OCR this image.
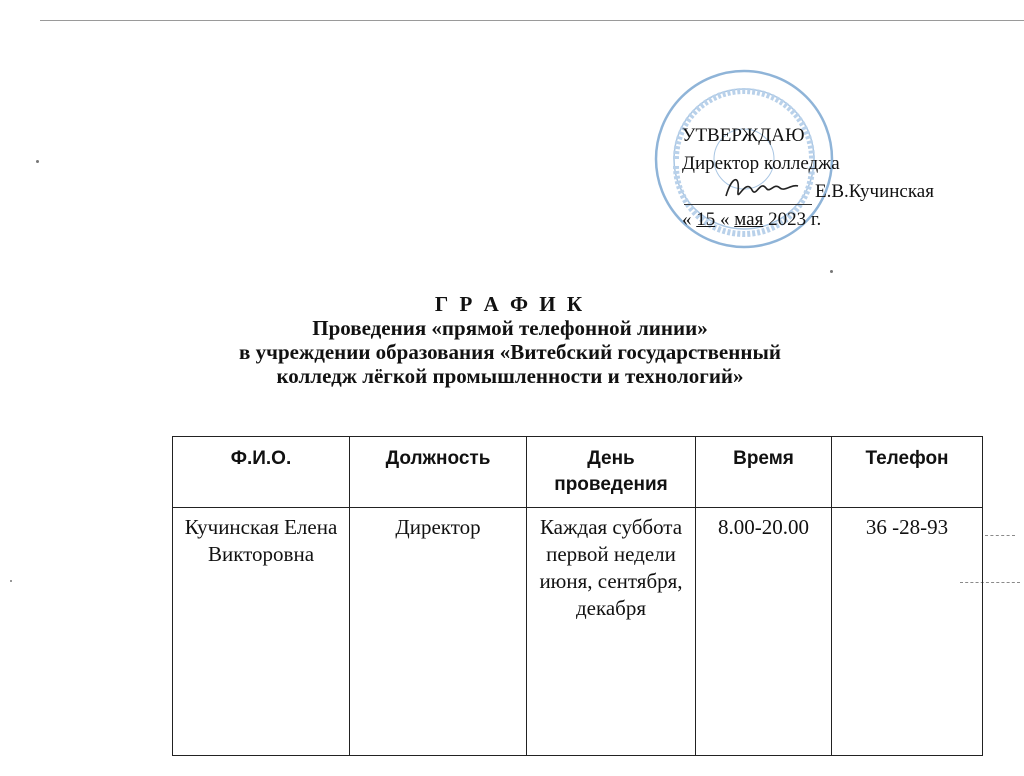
УТВЕРЖДАЮ
Директор колледжа
Е.В.Кучинская
« 15 « мая 2023 г.
Г Р А Ф И К
Проведения «прямой телефонной линии»
в учреждении образования «Витебский государственный
колледж лёгкой промышленности и технологий»
Ф.И.О.	Должность	День проведения	Время	Телефон
Кучинская Елена Викторовна	Директор	Каждая суббота первой недели июня, сентября, декабря	8.00-20.00	36 -28-93
